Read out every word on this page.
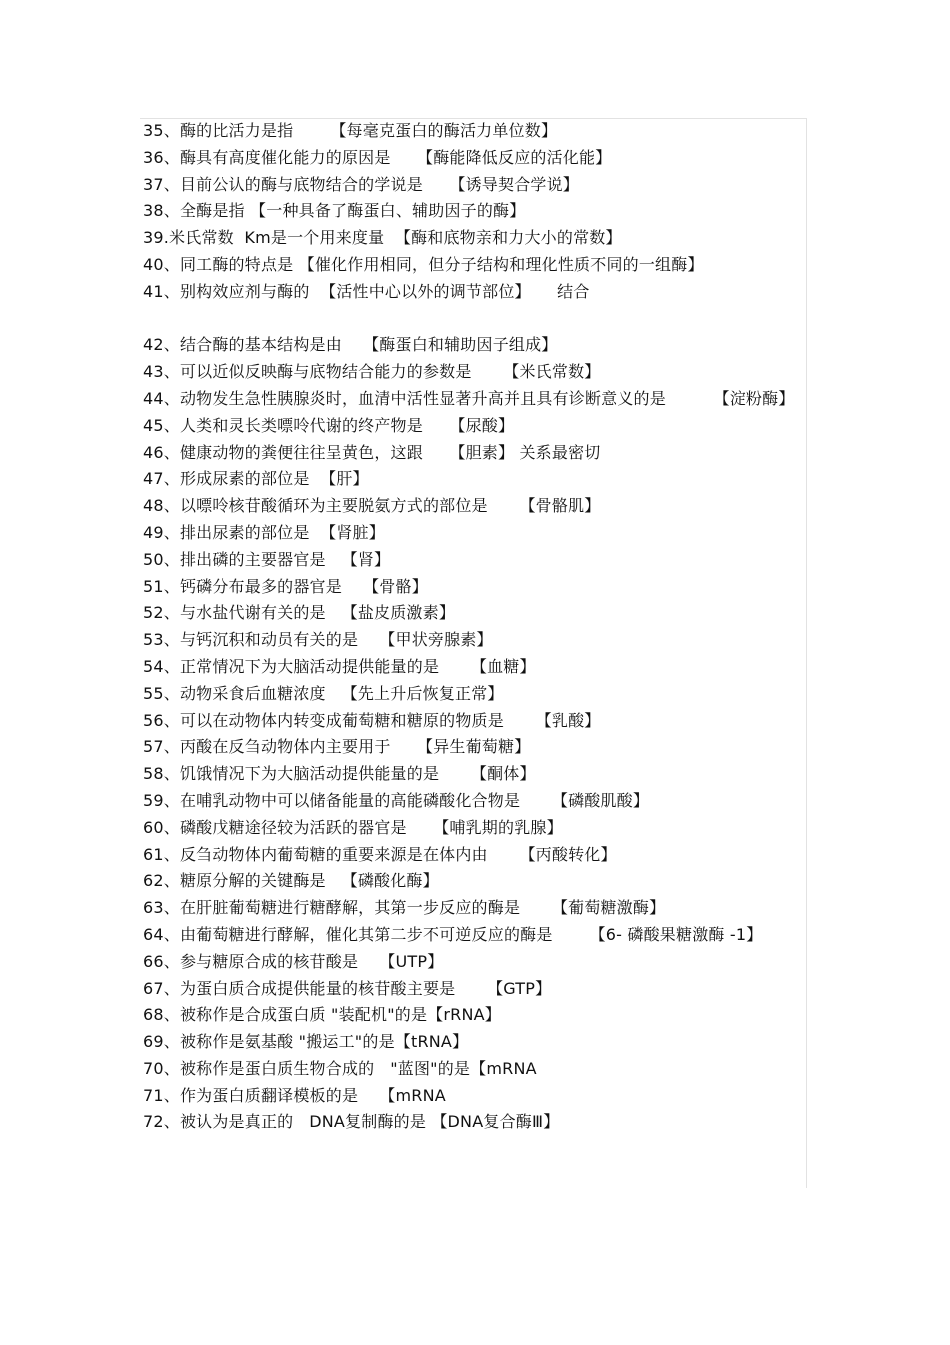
35、酶的比活力是指       【每毫克蛋白的酶活力单位数】
36、酶具有高度催化能力的原因是     【酶能降低反应的活化能】
37、目前公认的酶与底物结合的学说是     【诱导契合学说】
38、全酶是指 【一种具备了酶蛋白、辅助因子的酶】
39.米氏常数  Km是一个用来度量  【酶和底物亲和力大小的常数】
40、同工酶的特点是 【催化作用相同，但分子结构和理化性质不同的一组酶】
41、别构效应剂与酶的  【活性中心以外的调节部位】     结合
42、结合酶的基本结构是由    【酶蛋白和辅助因子组成】
43、可以近似反映酶与底物结合能力的参数是      【米氏常数】
44、动物发生急性胰腺炎时，血清中活性显著升高并且具有诊断意义的是         【淀粉酶】
45、人类和灵长类嘌呤代谢的终产物是     【尿酸】
46、健康动物的粪便往往呈黄色，这跟     【胆素】 关系最密切
47、形成尿素的部位是  【肝】
48、以嘌呤核苷酸循环为主要脱氨方式的部位是      【骨骼肌】
49、排出尿素的部位是  【肾脏】
50、排出磷的主要器官是   【肾】
51、钙磷分布最多的器官是    【骨骼】
52、与水盐代谢有关的是   【盐皮质激素】
53、与钙沉积和动员有关的是    【甲状旁腺素】
54、正常情况下为大脑活动提供能量的是      【血糖】
55、动物采食后血糖浓度   【先上升后恢复正常】
56、可以在动物体内转变成葡萄糖和糖原的物质是      【乳酸】
57、丙酸在反刍动物体内主要用于     【异生葡萄糖】
58、饥饿情况下为大脑活动提供能量的是      【酮体】
59、在哺乳动物中可以储备能量的高能磷酸化合物是      【磷酸肌酸】
60、磷酸戊糖途径较为活跃的器官是     【哺乳期的乳腺】
61、反刍动物体内葡萄糖的重要来源是在体内由      【丙酸转化】
62、糖原分解的关键酶是   【磷酸化酶】
63、在肝脏葡萄糖进行糖酵解，其第一步反应的酶是      【葡萄糖激酶】
64、由葡萄糖进行酵解，催化其第二步不可逆反应的酶是       【6- 磷酸果糖激酶 -1】
66、参与糖原合成的核苷酸是    【UTP】
67、为蛋白质合成提供能量的核苷酸主要是      【GTP】
68、被称作是合成蛋白质 "装配机"的是【rRNA】
69、被称作是氨基酸 "搬运工"的是【tRNA】
70、被称作是蛋白质生物合成的   "蓝图"的是【mRNA
71、作为蛋白质翻译模板的是    【mRNA
72、被认为是真正的   DNA复制酶的是 【DNA复合酶Ⅲ】
